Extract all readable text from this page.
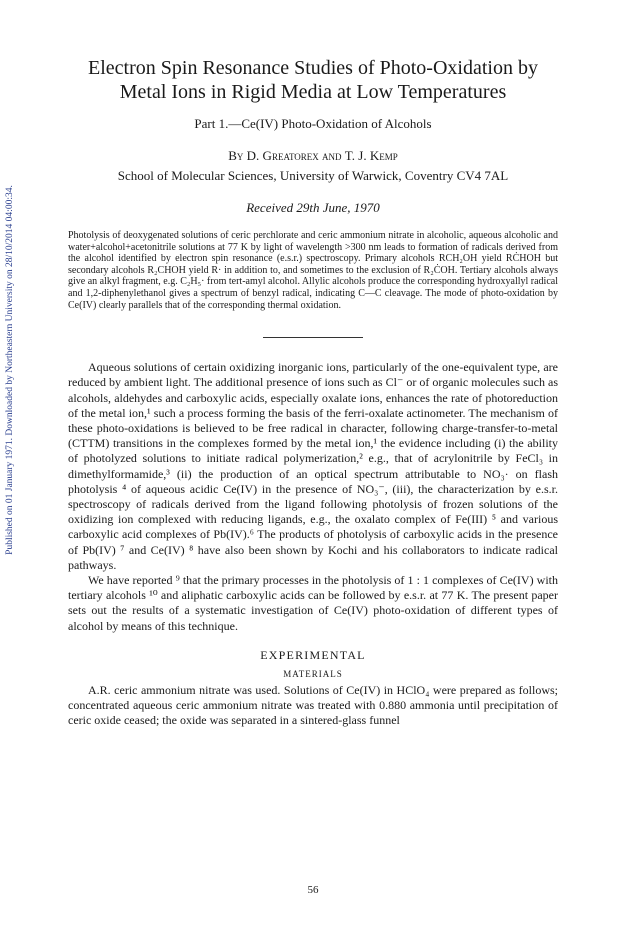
Published on 01 January 1971. Downloaded by Northeastern University on 28/10/2014 04:00:34.
Electron Spin Resonance Studies of Photo-Oxidation by
Metal Ions in Rigid Media at Low Temperatures
Part 1.—Ce(IV) Photo-Oxidation of Alcohols
By D. Greatorex and T. J. Kemp
School of Molecular Sciences, University of Warwick, Coventry CV4 7AL
Received 29th June, 1970
Photolysis of deoxygenated solutions of ceric perchlorate and ceric ammonium nitrate in alcoholic, aqueous alcoholic and water+alcohol+acetonitrile solutions at 77 K by light of wavelength >300 nm leads to formation of radicals derived from the alcohol identified by electron spin resonance (e.s.r.) spectroscopy. Primary alcohols RCH₂OH yield RĊHOH but secondary alcohols R₂CHOH yield R· in addition to, and sometimes to the exclusion of R₂ĊOH. Tertiary alcohols always give an alkyl fragment, e.g. C₂H₅· from tert-amyl alcohol. Allylic alcohols produce the corresponding hydroxyallyl radical and 1,2-diphenylethanol gives a spectrum of benzyl radical, indicating C—C cleavage. The mode of photo-oxidation by Ce(IV) clearly parallels that of the corresponding thermal oxidation.

Aqueous solutions of certain oxidizing inorganic ions, particularly of the one-equivalent type, are reduced by ambient light. The additional presence of ions such as Cl⁻ or of organic molecules such as alcohols, aldehydes and carboxylic acids, especially oxalate ions, enhances the rate of photoreduction of the metal ion,¹ such a process forming the basis of the ferri-oxalate actinometer. The mechanism of these photo-oxidations is believed to be free radical in character, following charge-transfer-to-metal (CTTM) transitions in the complexes formed by the metal ion,¹ the evidence including (i) the ability of photolyzed solutions to initiate radical polymerization,² e.g., that of acrylonitrile by FeCl₃ in dimethylformamide,³ (ii) the production of an optical spectrum attributable to NO₃· on flash photolysis ⁴ of aqueous acidic Ce(IV) in the presence of NO₃⁻, (iii), the characterization by e.s.r. spectroscopy of radicals derived from the ligand following photolysis of frozen solutions of the oxidizing ion complexed with reducing ligands, e.g., the oxalato complex of Fe(III) ⁵ and various carboxylic acid complexes of Pb(IV).⁶ The products of photolysis of carboxylic acids in the presence of Pb(IV) ⁷ and Ce(IV) ⁸ have also been shown by Kochi and his collaborators to indicate radical pathways.

We have reported ⁹ that the primary processes in the photolysis of 1 : 1 complexes of Ce(IV) with tertiary alcohols ¹⁰ and aliphatic carboxylic acids can be followed by e.s.r. at 77 K. The present paper sets out the results of a systematic investigation of Ce(IV) photo-oxidation of different types of alcohol by means of this technique.

EXPERIMENTAL
MATERIALS

A.R. ceric ammonium nitrate was used. Solutions of Ce(IV) in HClO₄ were prepared as follows; concentrated aqueous ceric ammonium nitrate was treated with 0.880 ammonia until precipitation of ceric oxide ceased; the oxide was separated in a sintered-glass funnel

56
